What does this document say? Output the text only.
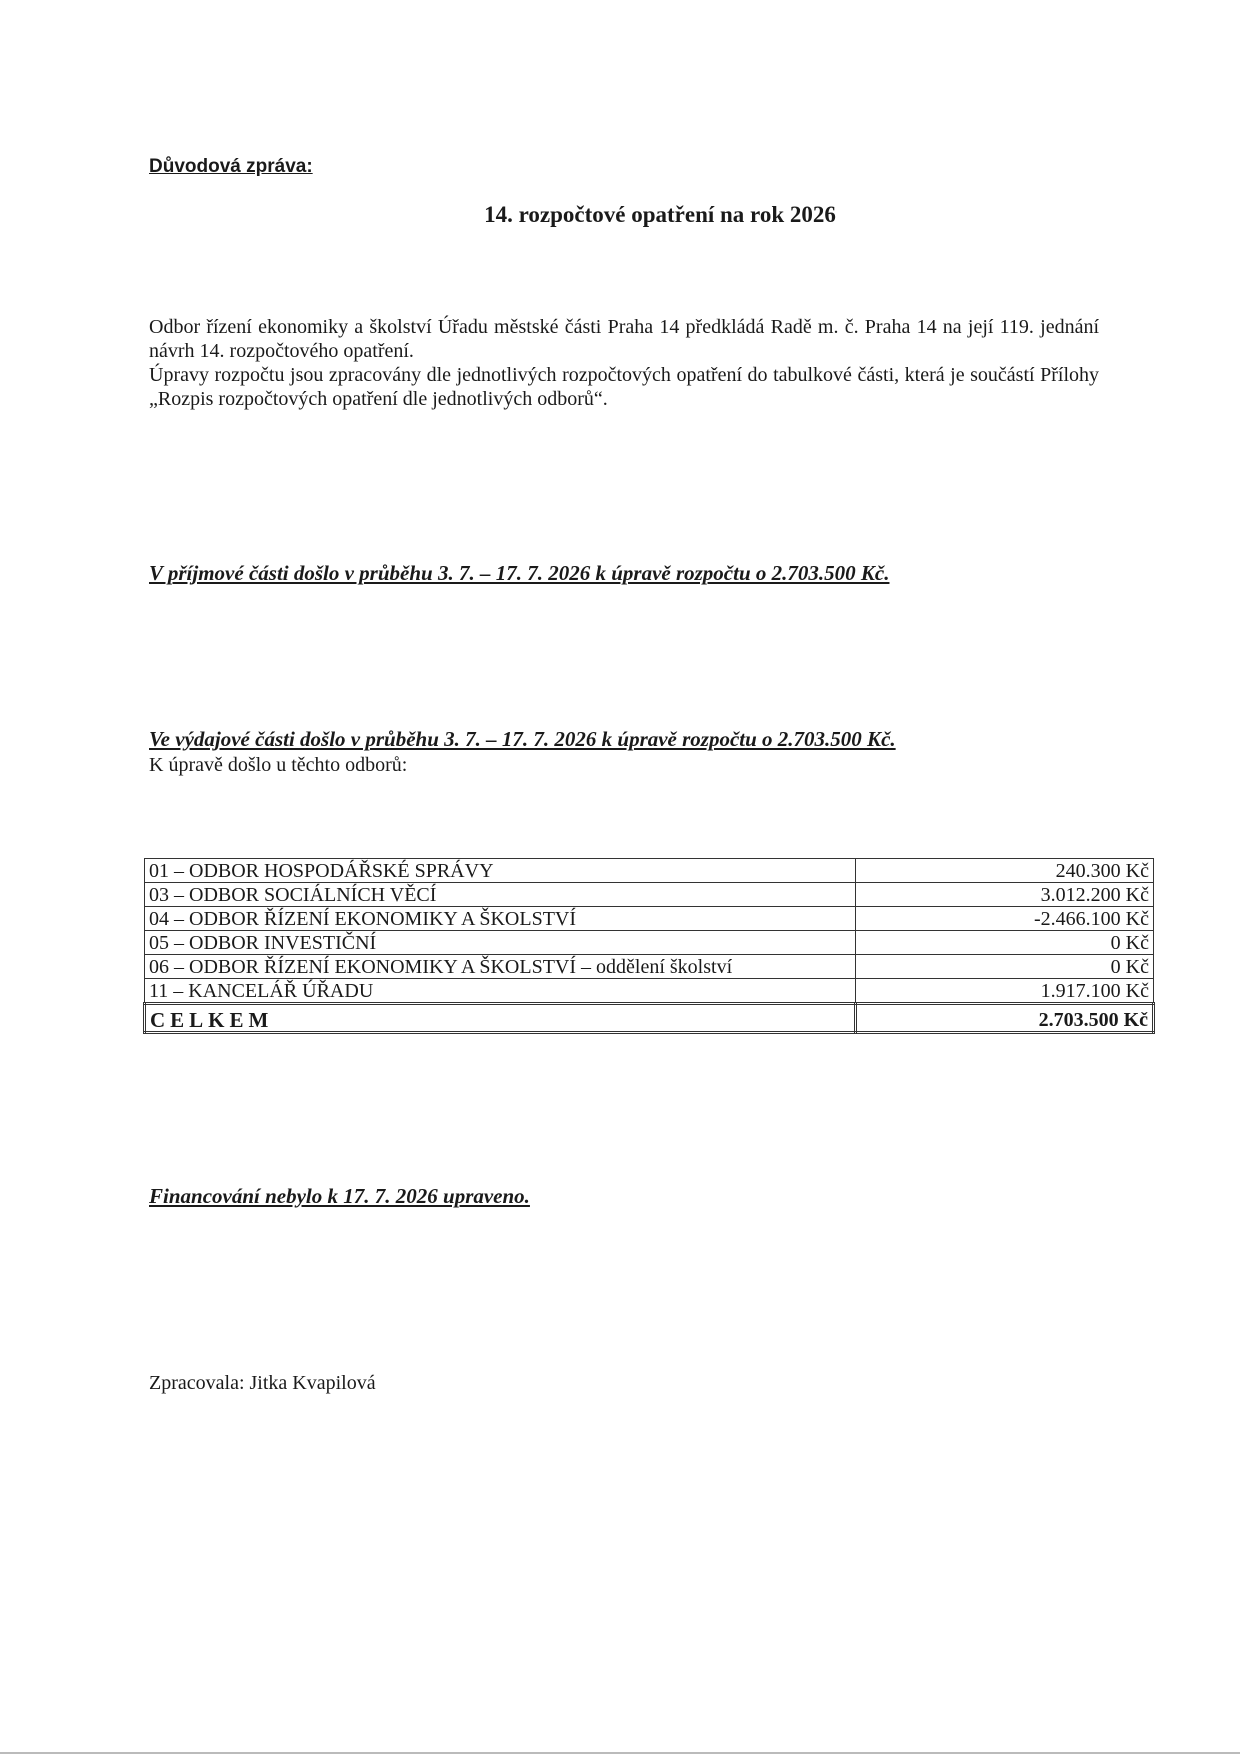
Důvodová zpráva:
14. rozpočtové opatření na rok 2026

Odbor řízení ekonomiky a školství Úřadu městské části Praha 14 předkládá Radě m. č. Praha 14 na její 119. jednání návrh 14. rozpočtového opatření.

Úpravy rozpočtu jsou zpracovány dle jednotlivých rozpočtových opatření do tabulkové části, která je součástí Přílohy „Rozpis rozpočtových opatření dle jednotlivých odborů“.

V příjmové části došlo v průběhu 3. 7. – 17. 7. 2026 k úpravě rozpočtu o 2.703.500 Kč.
Ve výdajové části došlo v průběhu 3. 7. – 17. 7. 2026 k úpravě rozpočtu o 2.703.500 Kč.
K úpravě došlo u těchto odborů:
01 – ODBOR HOSPODÁŘSKÉ SPRÁVY	240.300 Kč
03 – ODBOR SOCIÁLNÍCH VĚCÍ	3.012.200 Kč
04 – ODBOR ŘÍZENÍ EKONOMIKY A ŠKOLSTVÍ	-2.466.100 Kč
05 – ODBOR INVESTIČNÍ	0 Kč
06 – ODBOR ŘÍZENÍ EKONOMIKY A ŠKOLSTVÍ – oddělení školství	0 Kč
11 – KANCELÁŘ ÚŘADU	1.917.100 Kč
CELKEM	2.703.500 Kč
Financování nebylo k 17. 7. 2026 upraveno.
Zpracovala: Jitka Kvapilová
